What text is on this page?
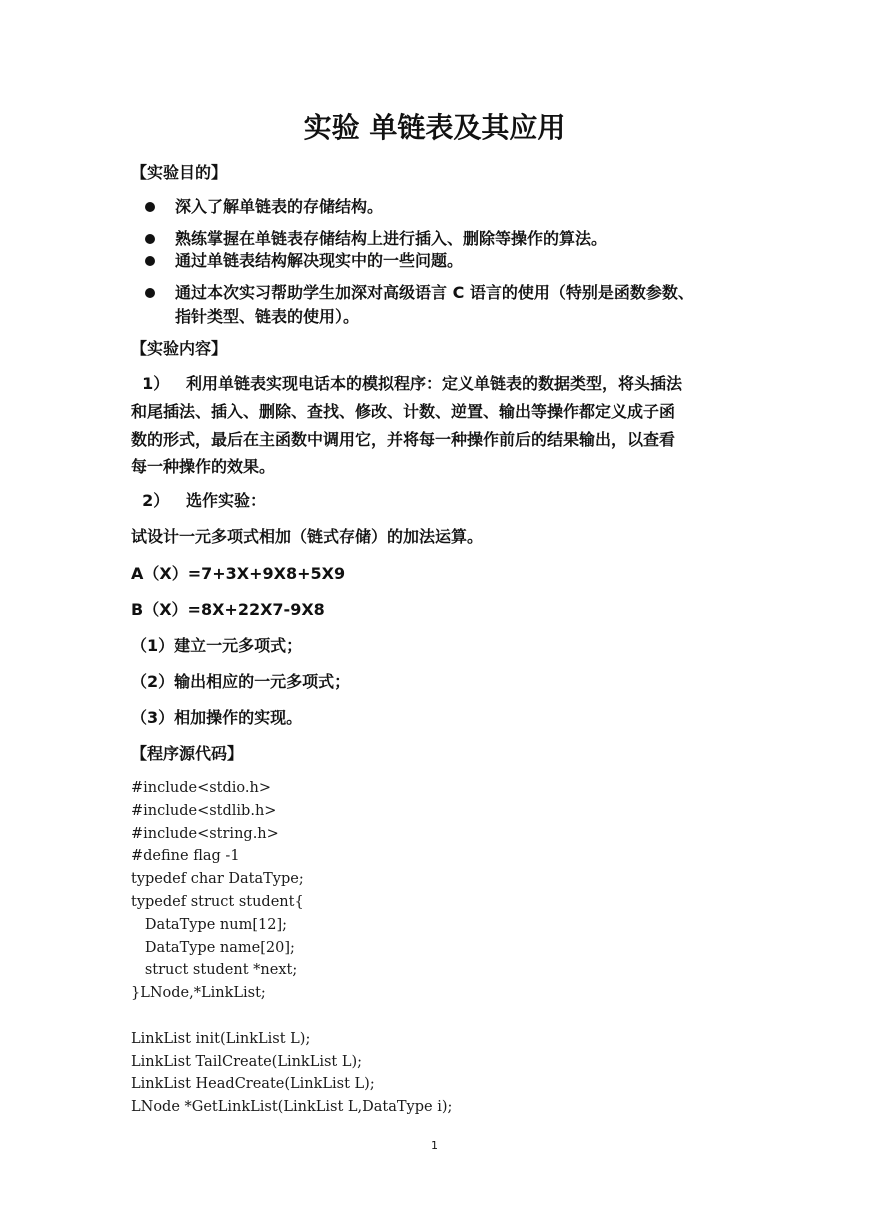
实验 单链表及其应用
【实验目的】
深入了解单链表的存储结构。
熟练掌握在单链表存储结构上进行插入、删除等操作的算法。
通过单链表结构解决现实中的一些问题。
通过本次实习帮助学生加深对高级语言 C 语言的使用（特别是函数参数、
指针类型、链表的使用）。
【实验内容】
1）   利用单链表实现电话本的模拟程序：定义单链表的数据类型，将头插法
和尾插法、插入、删除、查找、修改、计数、逆置、输出等操作都定义成子函
数的形式，最后在主函数中调用它，并将每一种操作前后的结果输出，以查看
每一种操作的效果。
2）   选作实验：
试设计一元多项式相加（链式存储）的加法运算。
A（X）=7+3X+9X8+5X9
B（X）=8X+22X7-9X8
（1）建立一元多项式；
（2）输出相应的一元多项式；
（3）相加操作的实现。
【程序源代码】
#include<stdio.h>
#include<stdlib.h>
#include<string.h>
#define flag -1
typedef char DataType;
typedef struct student{
DataType num[12];
DataType name[20];
struct student *next;
}LNode,*LinkList;

LinkList init(LinkList L);
LinkList TailCreate(LinkList L);
LinkList HeadCreate(LinkList L);
LNode *GetLinkList(LinkList L,DataType i);
1
